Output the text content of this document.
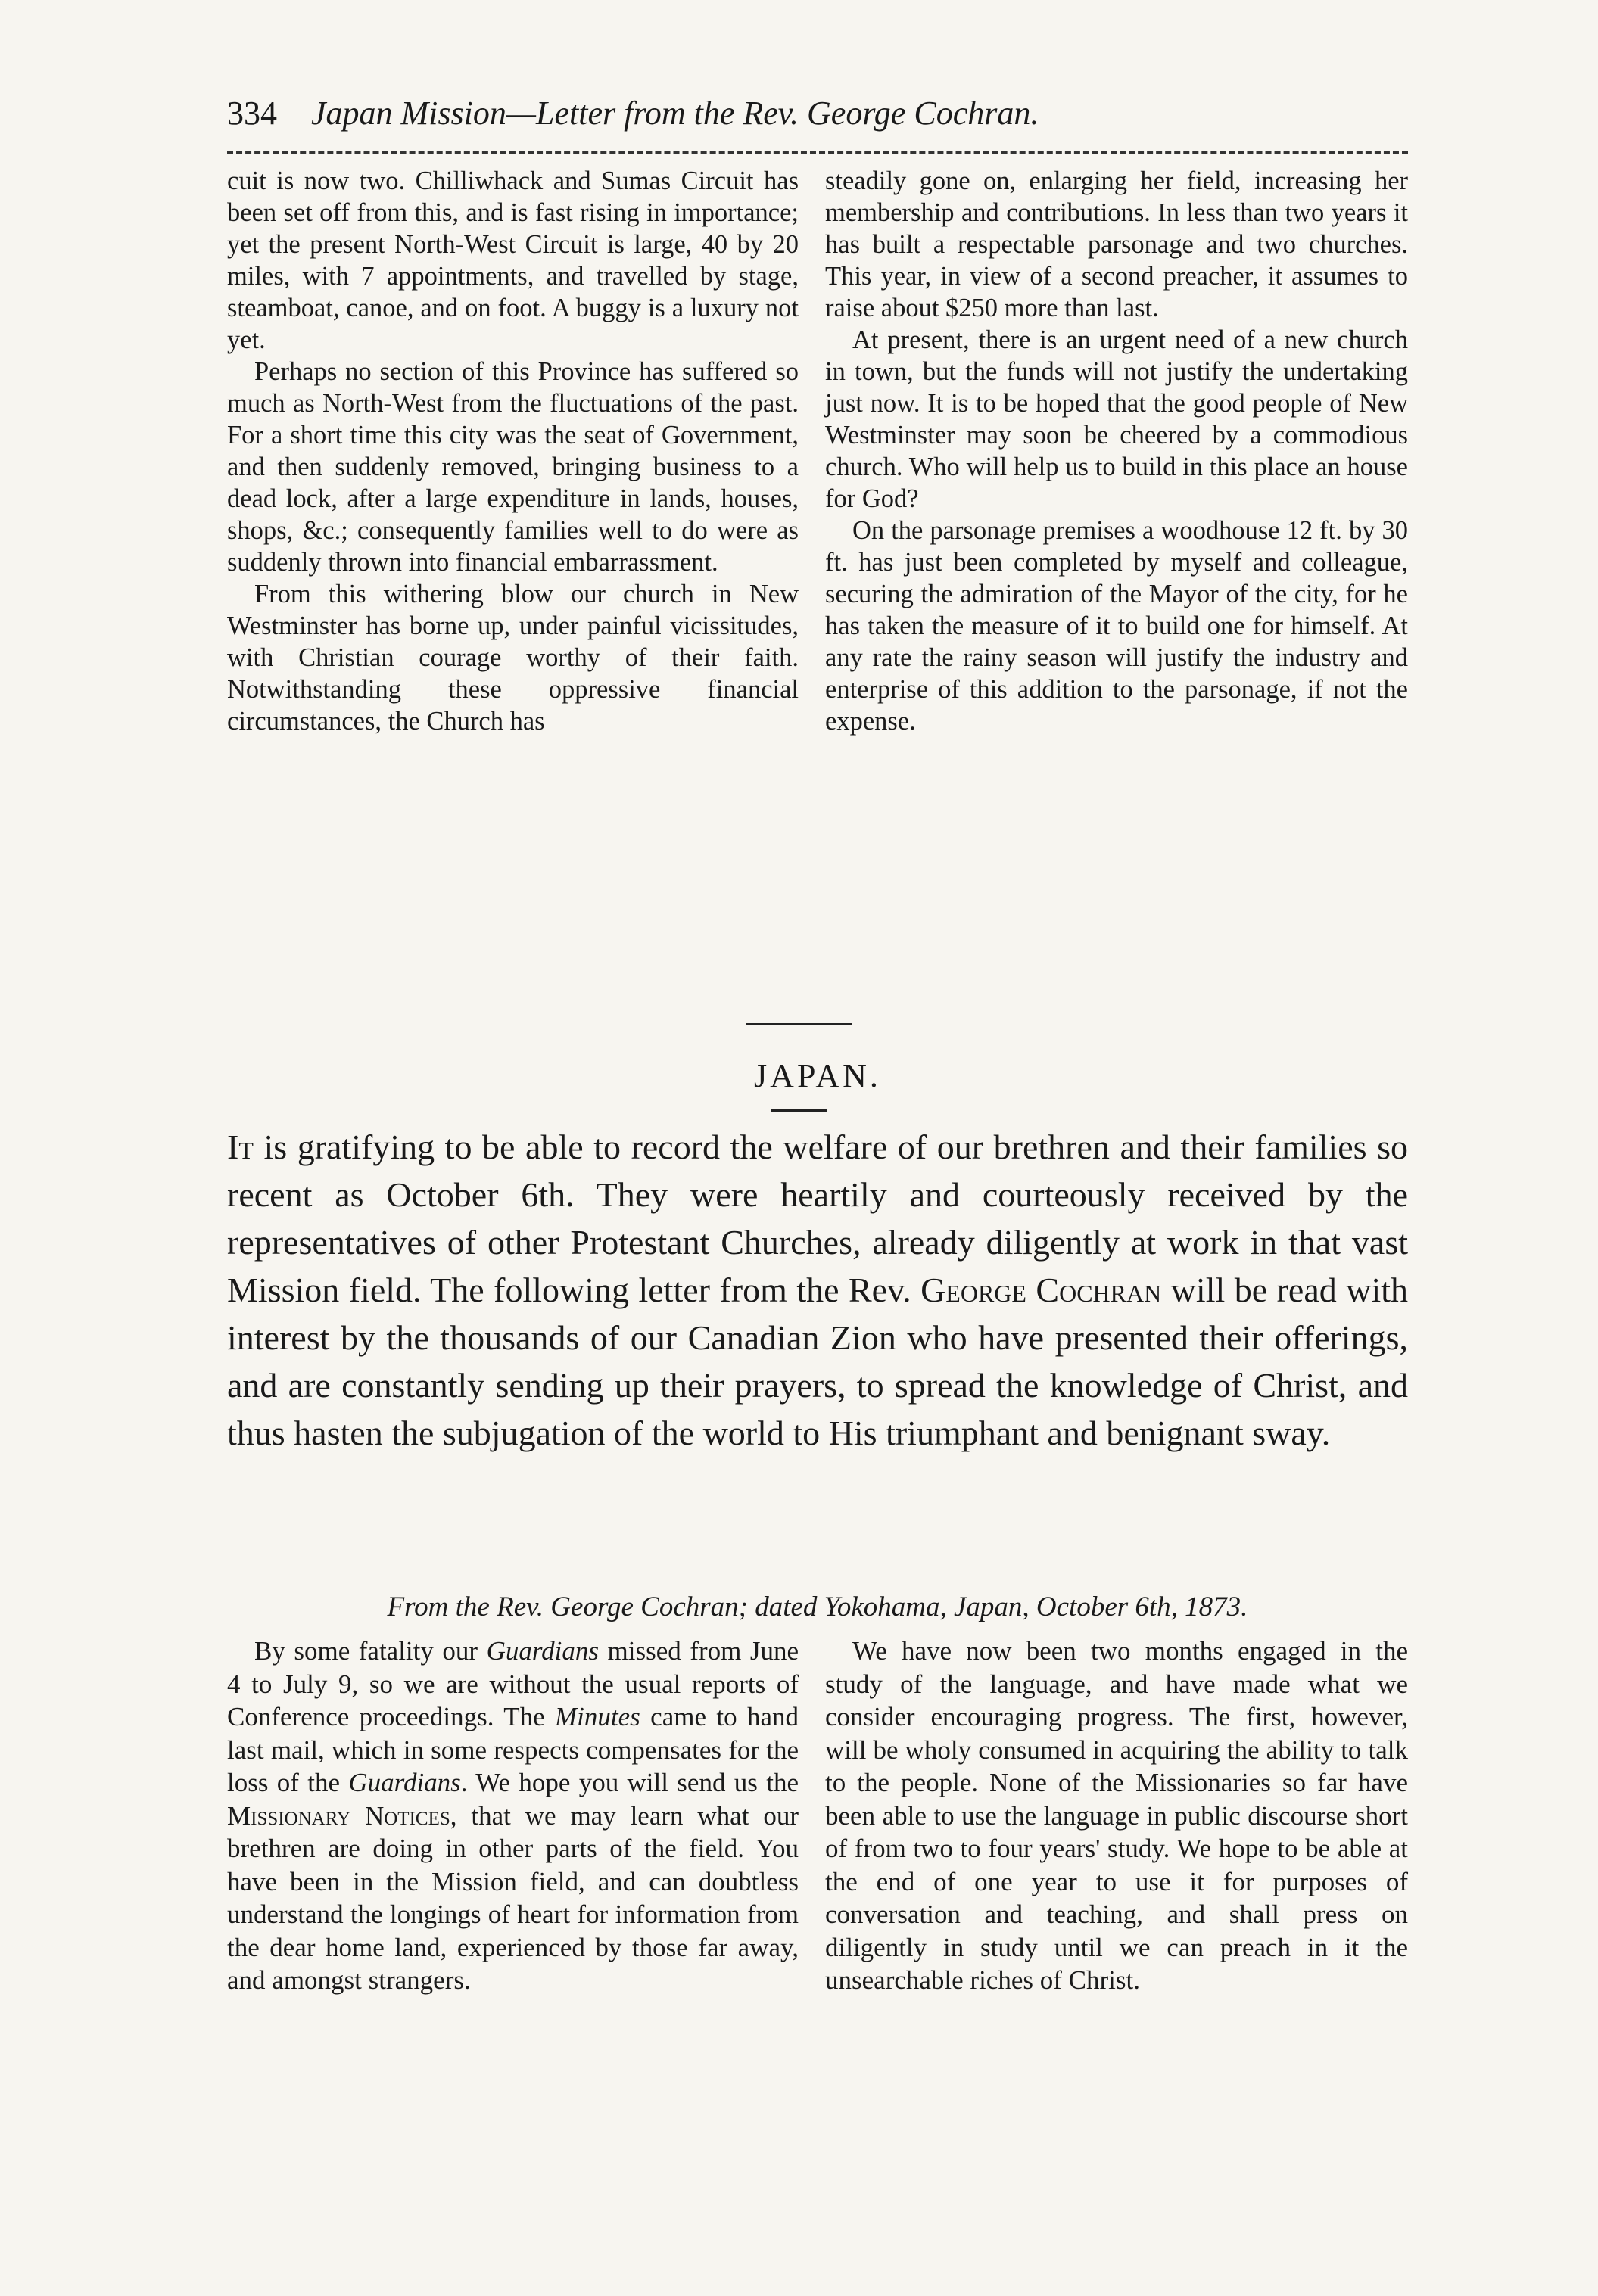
334 Japan Mission—Letter from the Rev. George Cochran.

cuit is now two. Chilliwhack and Sumas Circuit has been set off from this, and is fast rising in importance; yet the present North-West Circuit is large, 40 by 20 miles, with 7 appointments, and travelled by stage, steamboat, canoe, and on foot. A buggy is a luxury not yet.

Perhaps no section of this Province has suffered so much as North-West from the fluctuations of the past. For a short time this city was the seat of Government, and then suddenly removed, bringing business to a dead lock, after a large expenditure in lands, houses, shops, &c.; consequently families well to do were as suddenly thrown into financial embarrassment.

From this withering blow our church in New Westminster has borne up, under painful vicissitudes, with Christian courage worthy of their faith. Notwithstanding these oppressive financial circumstances, the Church has

steadily gone on, enlarging her field, increasing her membership and contributions. In less than two years it has built a respectable parsonage and two churches. This year, in view of a second preacher, it assumes to raise about $250 more than last.

At present, there is an urgent need of a new church in town, but the funds will not justify the undertaking just now. It is to be hoped that the good people of New Westminster may soon be cheered by a commodious church. Who will help us to build in this place an house for God?

On the parsonage premises a woodhouse 12 ft. by 30 ft. has just been completed by myself and colleague, securing the admiration of the Mayor of the city, for he has taken the measure of it to build one for himself. At any rate the rainy season will justify the industry and enterprise of this addition to the parsonage, if not the expense.

JAPAN.

It is gratifying to be able to record the welfare of our brethren and their families so recent as October 6th. They were heartily and courteously received by the representatives of other Protestant Churches, already diligently at work in that vast Mission field. The following letter from the Rev. George Cochran will be read with interest by the thousands of our Canadian Zion who have presented their offerings, and are constantly sending up their prayers, to spread the knowledge of Christ, and thus hasten the subjugation of the world to His triumphant and benignant sway.

From the Rev. George Cochran; dated Yokohama, Japan, October 6th, 1873.

By some fatality our Guardians missed from June 4 to July 9, so we are without the usual reports of Conference proceedings. The Minutes came to hand last mail, which in some respects compensates for the loss of the Guardians. We hope you will send us the Missionary Notices, that we may learn what our brethren are doing in other parts of the field. You have been in the Mission field, and can doubtless understand the longings of heart for information from the dear home land, experienced by those far away, and amongst strangers.

We have now been two months engaged in the study of the language, and have made what we consider encouraging progress. The first, however, will be wholy consumed in acquiring the ability to talk to the people. None of the Missionaries so far have been able to use the language in public discourse short of from two to four years' study. We hope to be able at the end of one year to use it for purposes of conversation and teaching, and shall press on diligently in study until we can preach in it the unsearchable riches of Christ.
